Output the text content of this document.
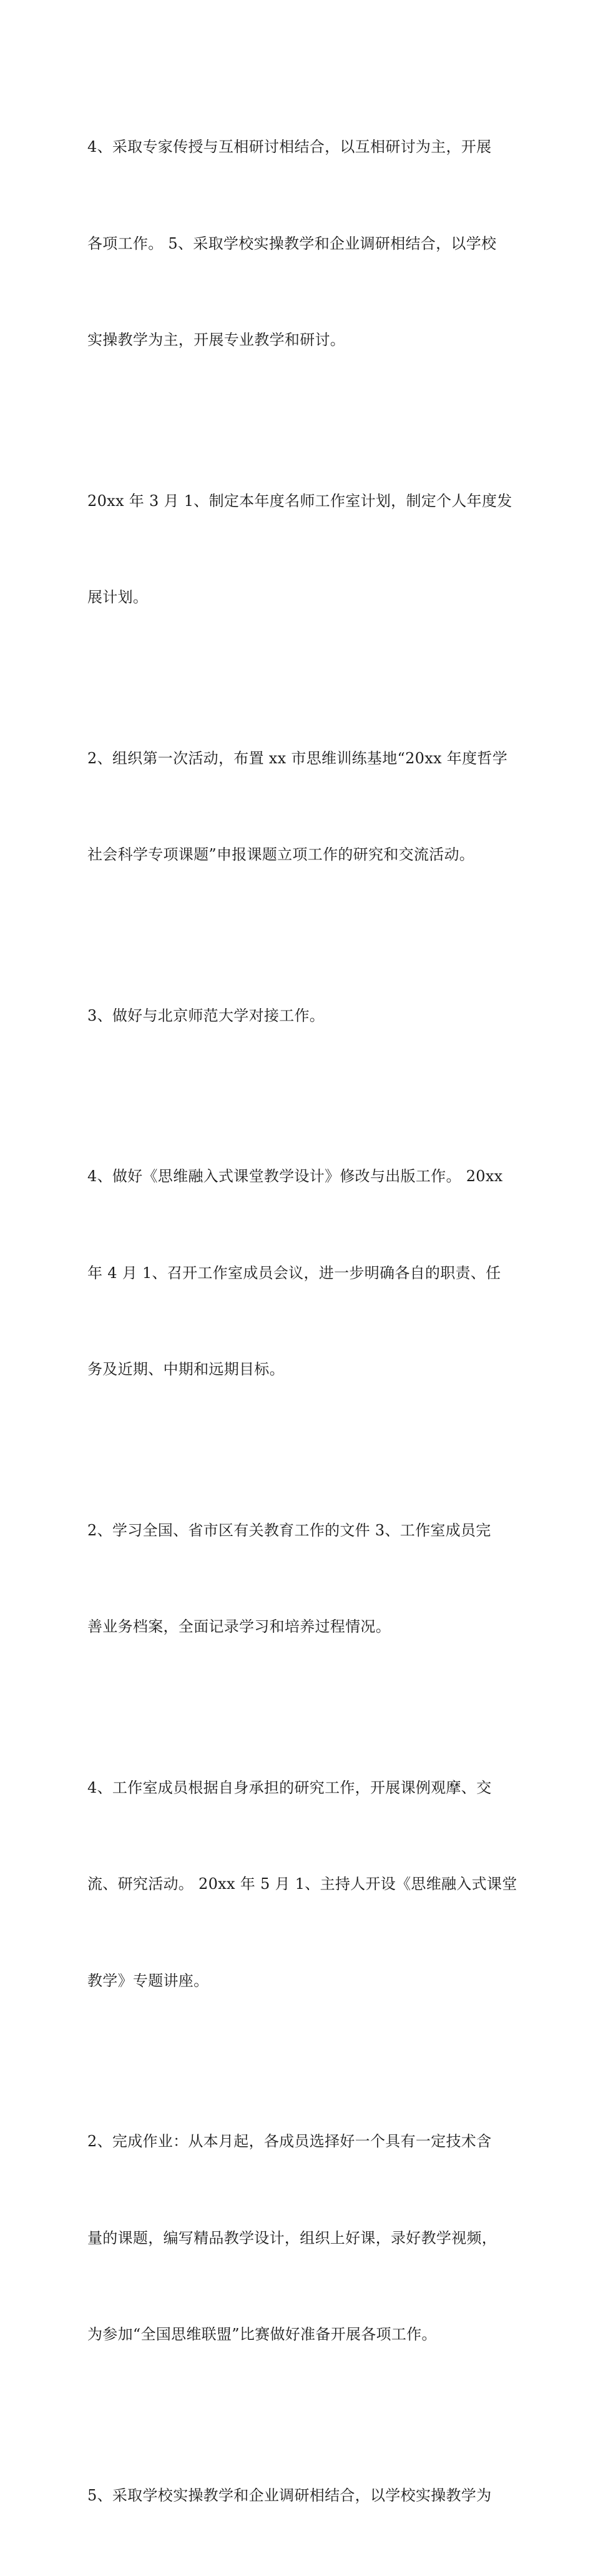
4、采取专家传授与互相研讨相结合，以互相研讨为主，开展

各项工作。 5、采取学校实操教学和企业调研相结合，以学校

实操教学为主，开展专业教学和研讨。

20xx 年 3 月 1、制定本年度名师工作室计划，制定个人年度发

展计划。

2、组织第一次活动，布置 xx 市思维训练基地“20xx 年度哲学

社会科学专项课题”申报课题立项工作的研究和交流活动。

3、做好与北京师范大学对接工作。

4、做好《思维融入式课堂教学设计》修改与出版工作。 20xx

年 4 月 1、召开工作室成员会议，进一步明确各自的职责、任

务及近期、中期和远期目标。

2、学习全国、省市区有关教育工作的文件 3、工作室成员完

善业务档案，全面记录学习和培养过程情况。

4、工作室成员根据自身承担的研究工作，开展课例观摩、交

流、研究活动。 20xx 年 5 月 1、主持人开设《思维融入式课堂

教学》专题讲座。

2、完成作业：从本月起，各成员选择好一个具有一定技术含

量的课题，编写精品教学设计，组织上好课，录好教学视频，

为参加“全国思维联盟”比赛做好准备开展各项工作。

5、采取学校实操教学和企业调研相结合，以学校实操教学为
